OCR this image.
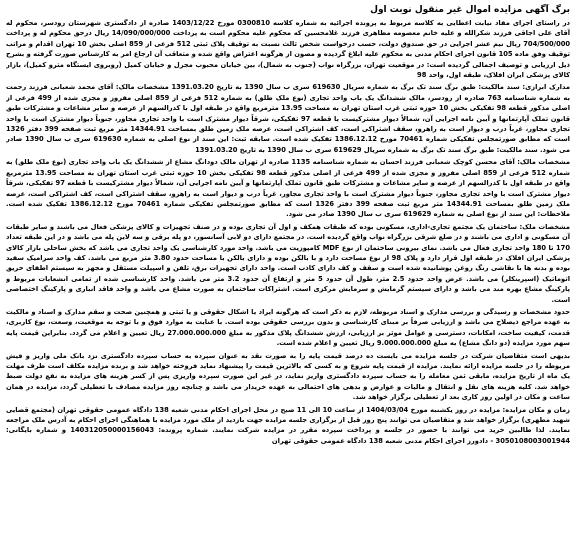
برگ آگهی مزایده اموال غیر منقول نوبت اول
در راستای اجرای مفاد نیابت اعطایی به کلاسه مربوط به پرونده اجرائیه به شماره کلاسه 0300810 مورخ 1403/12/22 صادره از دادگستری شهرستان رودسر، محکوم له آقای علی اجاقی فرزند شکرالله و علیه خانم معصومه مظاهری فرزند غلامحسین که محکوم علیه محکوم است به پرداخت 14/090/000/000 ریال درحق محکوم له و پرداخت 704/500/000 ریال نیم عشر اجرایی در حق صندوق دولت، حسب درخواست شخص ثالث نسبت به توقیف پلاک ثبتی 512 فرعی از 859 اصلی بخش 10 تهران اقدام و مراتب توقیف وفق ماده 105 قانون اجرای احکام مدنی به محکوم علیه ابلاغ گردیده و مصون از هرگونه اعتراض واقع شده و متعاقب آن ارجاع امر به کارشناس صورت گرفته و بشرح ذیل ارزیابی و توصیف اجمالی گردیده است: در موقعیت تهران، بزرگراه نواب (جنوب به شمال)، بین خیابان محبوب مجرل و خیابان کمیل (روبروی ایستگاه مترو کمیل)، بازار کالای پزشکی ایران افلاک، طبقه اول، واحد 98
مدارک ابرازی: سند مالکیت: طبق برگ سند تک برگ به شماره سریال 619630 سری ب سال 1390 به تاریخ 1391.03.20 مشخصات مالک: آقای محمد شعبانی فرزند رحمت به شماره شناسنامه 763 صادره از رودسر، مالک ششدانگ یک باب واحد تجاری (نوع ملک طلق) به شماره 512 فرعی از 859 اصلی مفروز و مجزی شده از 499 فرعی از اصلی مذکور قطعه 98 تفکیکی بخش 10 حوزه ثبتی غرب استان تهران به مساحت 13.95 مترمربع واقع در طبقه اول با کدرالسهم از عرصه و سایر مشاعات و مشترکات طبق قانون تملک آپارتمانها و آیین نامه اجرایی آن، شمالاً دیوار مشترکیست با قطعه 97 تفکیکی، شرقاً دیوار مشترک است با واحد تجاری مجاور، جنوباً دیوار مشترک است با واحد تجاری مجاور، غرباً درب و دیوار است به راهرو، سقف اشتراکی است، کف اشتراکی است، عرصه ملک زمین طلق بمساحت 14344.91 متر مربع ثبت صفحه 399 دفتر 1326 است که مطابق صورتمجلس تفکیکی شماره 70461 مورخ 1386.12.12 تفکیک شده است. سابقه ثبت: این سند از نوع اصلی به شماره 619630 سری ب سال 1390 صادر می شود. سند مالکیت: طبق برگ سند تک برگ به شماره سریال 619629 سری ب سال 1390 به تاریخ 1391.03.20
مشخصات مالک: آقای محسن کوچک شعبانی فرزند احسان به شماره شناسنامه 1135 صادره از تهران مالک دودانگ مشاع از ششدانگ یک باب واحد تجاری (نوع ملک طلق) به شماره 512 فرعی از 859 اصلی مفروز و مجزی شده از 499 فرعی از اصلی مذکور قطعه 98 تفکیکی بخش 10 حوزه ثبتی غرب استان تهران به مساحت 13.95 مترمربع واقع در طبقه اول با کدرالسهم از عرصه و سایر مشاعات و مشترکات طبق قانون تملک آپارتمانها و آیین نامه اجرایی آن، شمالاً دیوار مشترکیست با قطعه 97 تفکیکی، شرقاً دیوار مشترک است با واحد تجاری مجاور، جنوباً دیوار مشترک است با واحد تجاری مجاور، غرباً درب و دیوار است به راهرو، سقف اشتراکی است، کف اشتراکی است، عرصه ملک زمین طلق بمساحت 14344.91 متر مربع ثبت صفحه 399 دفتر 1326 است که مطابق صورتمجلس تفکیکی شماره 70461 مورخ 1386.12.12 تفکیک شده است. ملاحظات: این سند از نوع اصلی به شماره 619629 سری ب سال 1390 صادر می شود.
مشخصات ملک: ساختمان یک مجتمع تجاری-اداری، مسکونی بوده که طبقات همکف و اول آن تجاری بوده و در صنف تجهیزات و کالای پزشکی فعال می باشند و سایر طبقات آن مسکونی و اداری می باشند و در ضلع شرقی بزرگراه نواب واقع گردیده است. در مجتمع دارای دو لابی آسانسور، دو پله برقی و سه لاین پله می باشد و در این طبقه تعداد 170 تا 180 واحد تجاری فعال می باشد. نمای بیرونی ساختمان از نوع MDF کامپوزیت می باشد. واحد مورد کارشناسی یک واحد تجاری می باشد که بخش ساحلی بازار کالای پزشکی ایران افلاک در طبقه اول قرار دارد و پلاک 98 از نوع مساحت دارد و با بالکن بوده و دارای بالکن با مساحت حدود 3.80 متر مربع می باشد. کف واحد سرامیک سفید بوده و بدنه ها با نقاشی رنگ روغن پوشانیده شده است و سقف و کف دارای کاذب است. واحد دارای تجهیزات برق، تلفن و اسپیلت مستقل و مجهز به سیستم اطفای حریق اتوماتیک (اسپرینکلر) می باشد. عرض واحد حدود 2.5 متر، طول آن حدود 5 متر و ارتفاع آن حدود 3.2 متر می باشد. واحد کارشناسی شده از تمامی انشعابات مربوط و پارکینگ مشاع بهره مند می باشد و دارای سیستم گرمایش و سرمایش مرکزی است. اشتراکات ساختمان به صورت مشاع می باشد و واحد فاقد انباری و پارکینگ اختصاصی است.
حدود مشخصات و رسیدگی و بررسی مدارک و اسناد مربوطه، لازم به ذکر است که هرگونه ایراد یا اشکال حقوقی و یا ثبتی و همچنین صحت و سقم مدارک و اسناد و مالکیت به عهده مراجع ذیصلاح می باشد و ارزیابی صرفاً بر مبنای کارشناسی و بدون بررسی حقوقی بوده است. با عنایت به موارد فوق و با توجه به موقعیت، وسعت، نوع کاربری، قدمت، کیفیت ساخت، امکانات، دسترسی و عوامل موثر بر ارزیابی، ارزش ششدانگ پلاک مذکور به مبلغ 27.000.000.000 ریال تعیین و اعلام می گردد. بنابراین قیمت پایه سهم مورد مزایده (دو دانگ مشاع) به مبلغ 9.000.000.000 ریال تعیین و اعلام شده است.
بدیهی است متقاضیان شرکت در جلسه مزایده می بایست ده درصد قیمت پایه را به صورت نقد به عنوان سپرده به حساب سپرده دادگستری نزد بانک ملی واریز و فیش مربوطه را در جلسه مزایده ارائه نمایند. مزایده از قیمت پایه شروع و به کسی که بالاترین قیمت را پیشنهاد نماید فروخته خواهد شد و برنده مزایده مکلف است ظرف مهلت یک ماه از تاریخ مزایده، مابقی ثمن معامله را به حساب سپرده دادگستری واریز نماید، در غیر این صورت سپرده واریزی پس از کسر هزینه های مزایده به نفع دولت ضبط خواهد شد. کلیه هزینه های نقل و انتقال و مالیات و عوارض و بدهی های احتمالی به عهده خریدار می باشد و چنانچه روز مزایده مصادف با تعطیلی گردد، مزایده در همان ساعت و مکان در اولین روز کاری بعد از تعطیلی برگزار خواهد شد.
زمان و مکان مزایده: مزایده در روز یکشنبه مورخ 1404/03/04 از ساعت 10 الی 11 صبح در محل اجرای احکام مدنی شعبه 138 دادگاه عمومی حقوقی تهران (مجتمع قضایی شهید مطهری) برگزار خواهد شد و متقاضیان می توانند پنج روز قبل از برگزاری جلسه مزایده جهت بازدید از ملک مورد مزایده با هماهنگی اجرای احکام به آدرس ملک مراجعه نمایند. لذا طالبین خرید می توانند با حضور در جلسه و پرداخت سپرده مقرر در مزایده شرکت نمایند. شماره پرونده: 140312050000156043 و شماره بایگانی: 3050108003001944 - دادورز اجرای احکام مدنی شعبه 138 دادگاه عمومی حقوقی تهران
